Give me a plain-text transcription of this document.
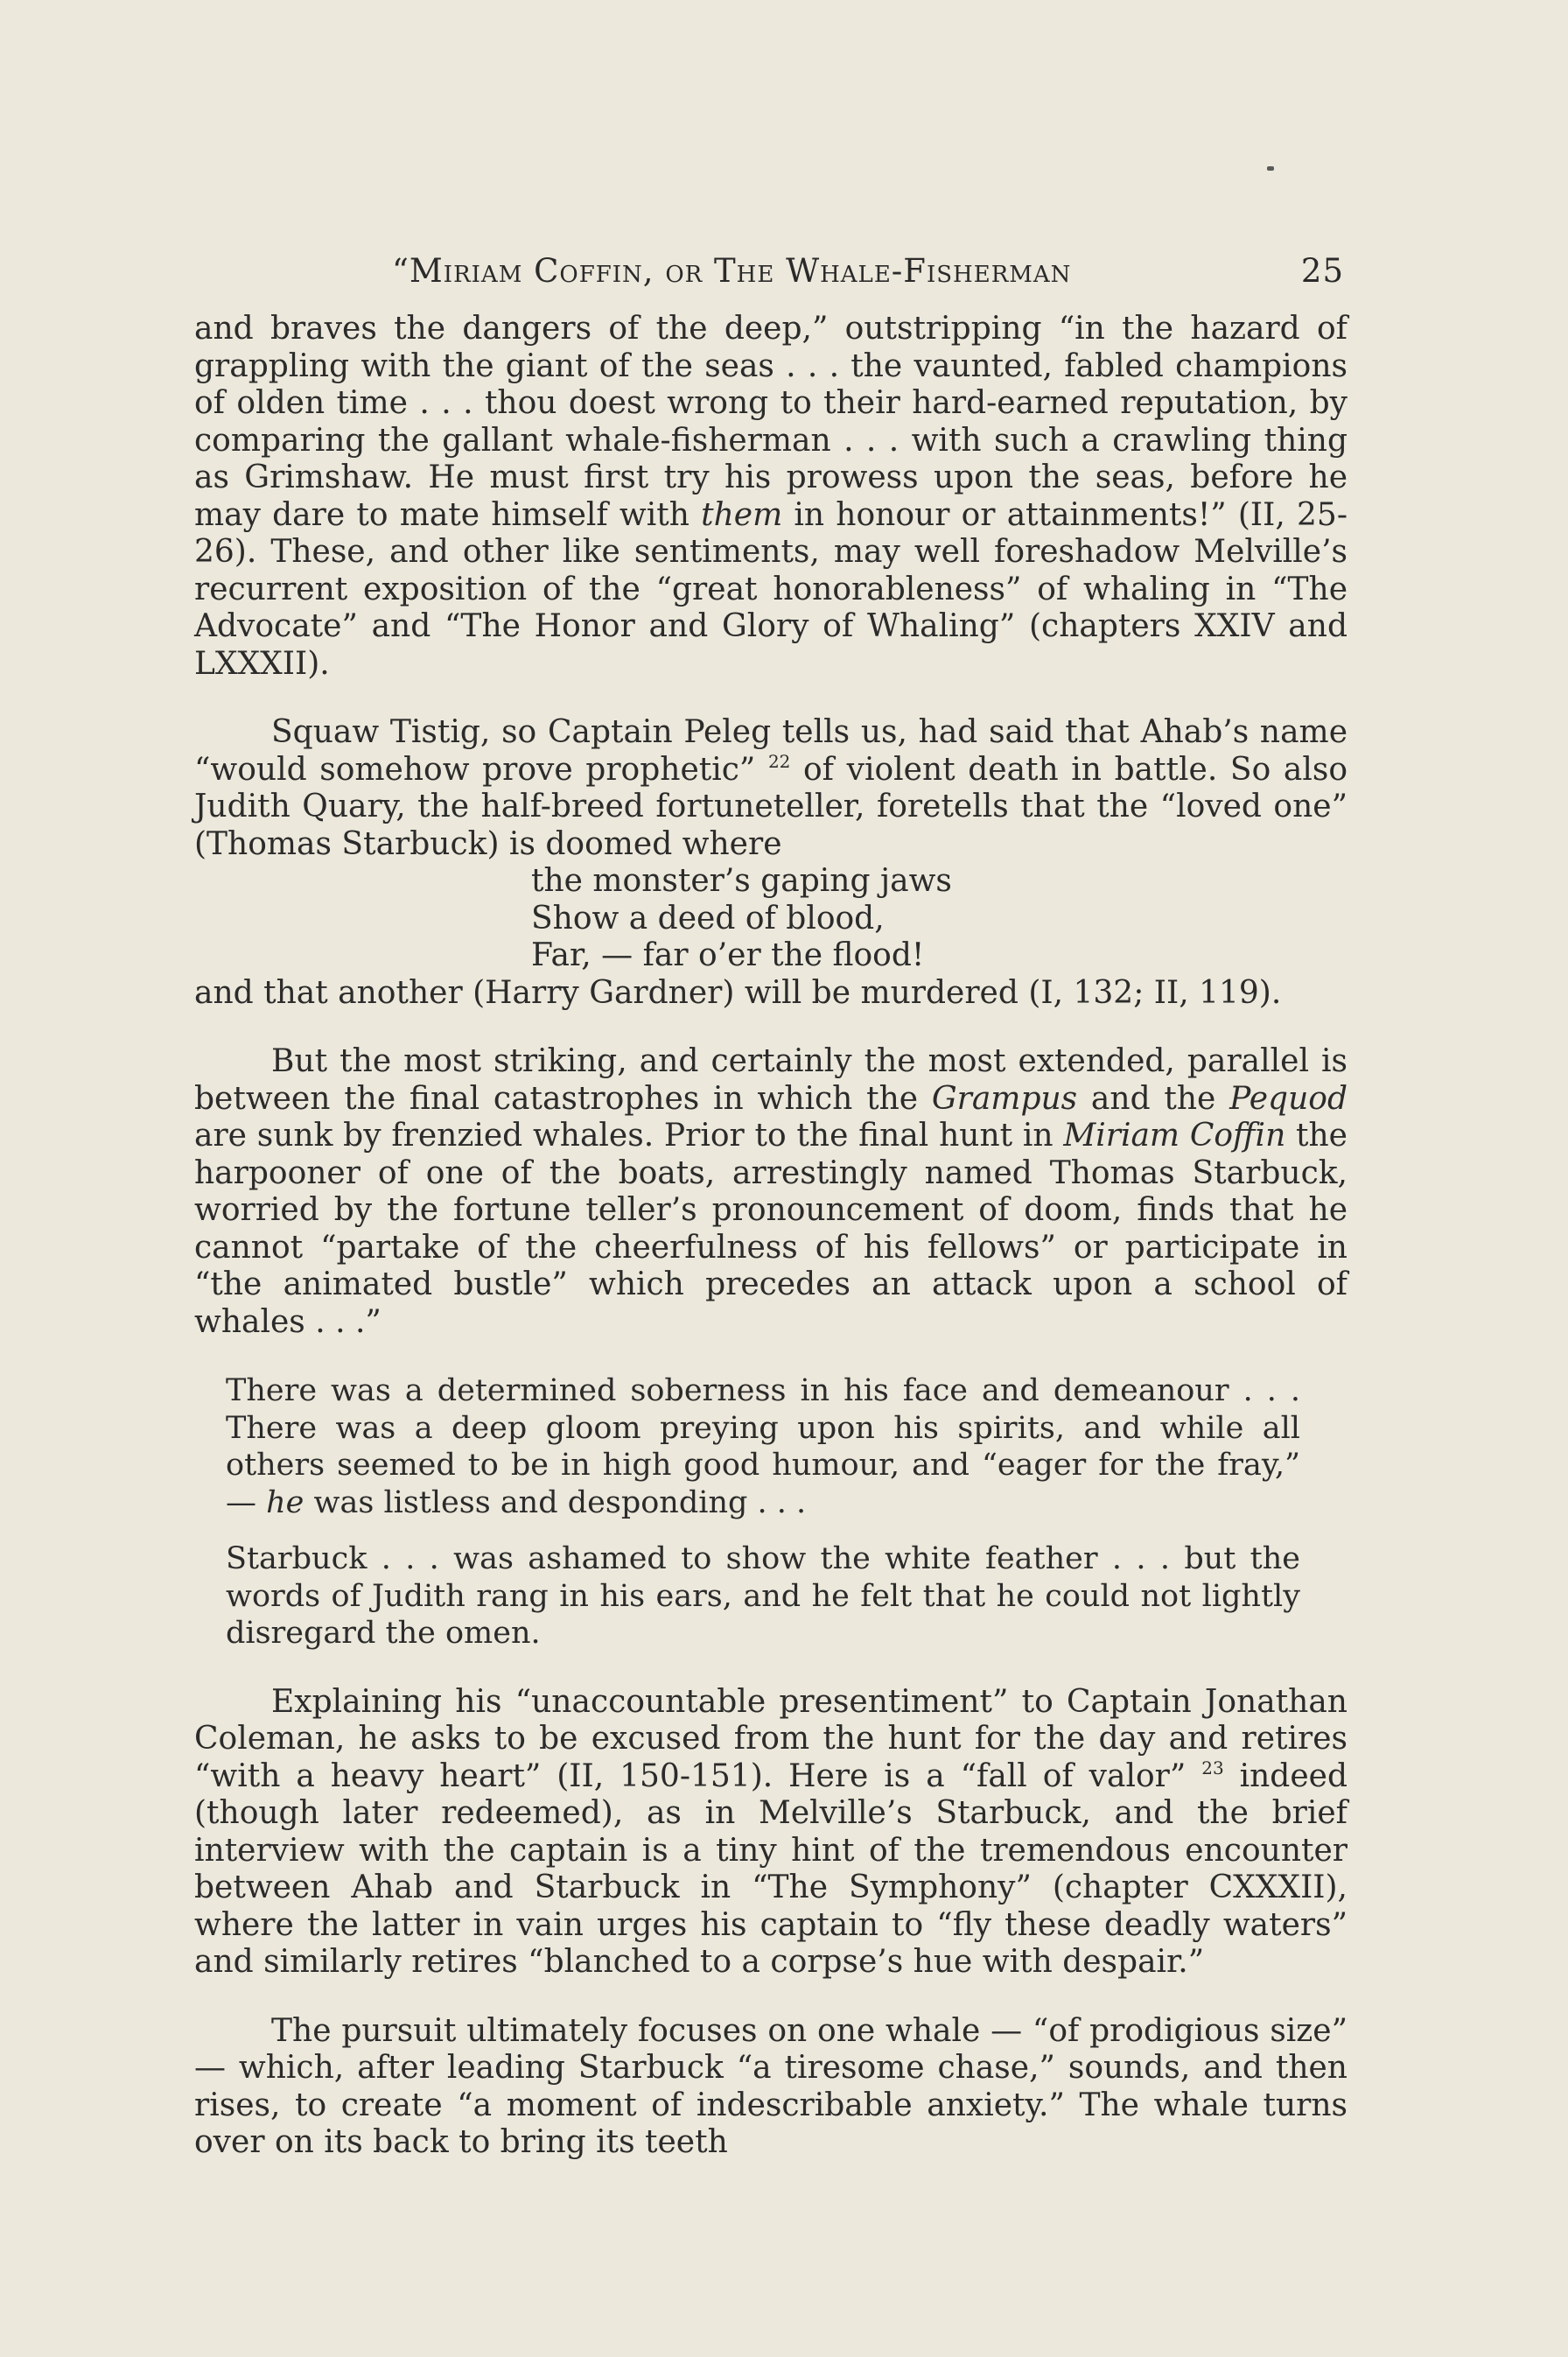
“Miriam Coffin, or The Whale-Fisherman	25

and braves the dangers of the deep,” outstripping “in the hazard of grappling with the giant of the seas . . . the vaunted, fabled champions of olden time . . . thou doest wrong to their hard-earned reputation, by comparing the gallant whale-fisherman . . . with such a crawling thing as Grimshaw. He must first try his prowess upon the seas, before he may dare to mate himself with them in honour or attainments!” (II, 25-26). These, and other like sentiments, may well foreshadow Melville’s recurrent exposition of the “great honorableness” of whaling in “The Advocate” and “The Honor and Glory of Whaling” (chapters XXIV and LXXXII).

Squaw Tistig, so Captain Peleg tells us, had said that Ahab’s name “would somehow prove prophetic” $^{22}$ of violent death in battle. So also Judith Quary, the half-breed fortuneteller, foretells that the “loved one” (Thomas Starbuck) is doomed where

the monster’s gaping jaws
Show a deed of blood,
Far, — far o’er the flood!

and that another (Harry Gardner) will be murdered (I, 132; II, 119).

But the most striking, and certainly the most extended, parallel is between the final catastrophes in which the Grampus and the Pequod are sunk by frenzied whales. Prior to the final hunt in Miriam Coffin the harpooner of one of the boats, arrestingly named Thomas Starbuck, worried by the fortune teller’s pronouncement of doom, finds that he cannot “partake of the cheerfulness of his fellows” or participate in “the animated bustle” which precedes an attack upon a school of whales . . .”

There was a determined soberness in his face and demeanour . . . There was a deep gloom preying upon his spirits, and while all others seemed to be in high good humour, and “eager for the fray,” — he was listless and desponding . . .

Starbuck . . . was ashamed to show the white feather . . . but the words of Judith rang in his ears, and he felt that he could not lightly disregard the omen.

Explaining his “unaccountable presentiment” to Captain Jonathan Coleman, he asks to be excused from the hunt for the day and retires “with a heavy heart” (II, 150-151). Here is a “fall of valor” $^{23}$ indeed (though later redeemed), as in Melville’s Starbuck, and the brief interview with the captain is a tiny hint of the tremendous encounter between Ahab and Starbuck in “The Symphony” (chapter CXXXII), where the latter in vain urges his captain to “fly these deadly waters” and similarly retires “blanched to a corpse’s hue with despair.”

The pursuit ultimately focuses on one whale — “of prodigious size” — which, after leading Starbuck “a tiresome chase,” sounds, and then rises, to create “a moment of indescribable anxiety.” The whale turns over on its back to bring its teeth
